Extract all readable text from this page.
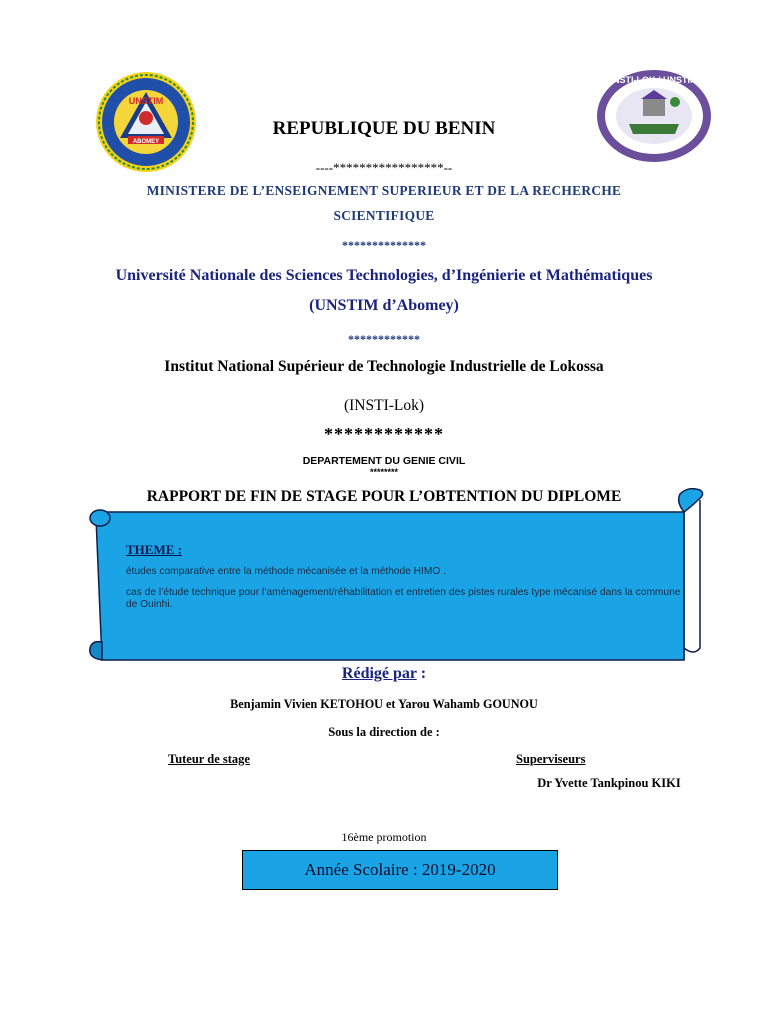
UNSTIM
ABOMEY
INSTI-LOK / UNSTIM
REPUBLIQUE DU BENIN
----*****************--
MINISTERE DE L’ENSEIGNEMENT SUPERIEUR ET DE LA RECHERCHE SCIENTIFIQUE
**************
Université Nationale des Sciences Technologies, d’Ingénierie et Mathématiques (UNSTIM d’Abomey)
************
Institut National Supérieur de Technologie Industrielle de Lokossa
(INSTI-Lok)
************
DEPARTEMENT DU GENIE CIVIL
********
RAPPORT DE FIN DE STAGE POUR L’OBTENTION DU DIPLOME
THEME :
études comparative entre la méthode mécanisée et la méthode HIMO .
cas de l’étude technique pour l’aménagement/réhabilitation et entretien des pistes rurales type mécanisé dans la commune de Ouinhi.
Rédigé par :
Benjamin Vivien KETOHOU et Yarou Wahamb GOUNOU
Sous la direction de :
Tuteur de stage	Superviseurs
Dr Yvette Tankpinou KIKI
16ème promotion
Année Scolaire : 2019-2020
